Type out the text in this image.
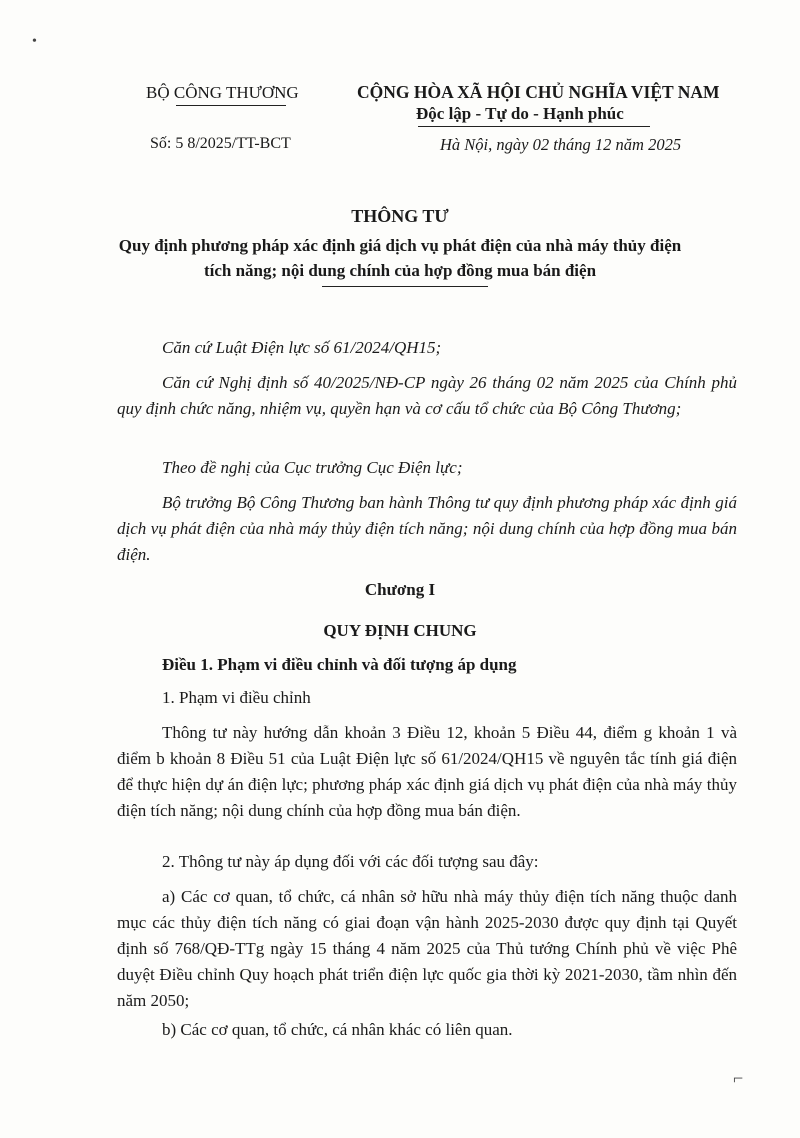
BỘ CÔNG THƯƠNG	CỘNG HÒA XÃ HỘI CHỦ NGHĨA VIỆT NAM
Độc lập - Tự do - Hạnh phúc
Số: 5 8/2025/TT-BCT	Hà Nội, ngày 02 tháng 12 năm 2025
THÔNG TƯ
Quy định phương pháp xác định giá dịch vụ phát điện của nhà máy thủy điện
tích năng; nội dung chính của hợp đồng mua bán điện
Căn cứ Luật Điện lực số 61/2024/QH15;
Căn cứ Nghị định số 40/2025/NĐ-CP ngày 26 tháng 02 năm 2025 của Chính phủ quy định chức năng, nhiệm vụ, quyền hạn và cơ cấu tổ chức của Bộ Công Thương;
Theo đề nghị của Cục trưởng Cục Điện lực;
Bộ trưởng Bộ Công Thương ban hành Thông tư quy định phương pháp xác định giá dịch vụ phát điện của nhà máy thủy điện tích năng; nội dung chính của hợp đồng mua bán điện.
Chương I
QUY ĐỊNH CHUNG
Điều 1. Phạm vi điều chỉnh và đối tượng áp dụng
1. Phạm vi điều chỉnh
Thông tư này hướng dẫn khoản 3 Điều 12, khoản 5 Điều 44, điểm g khoản 1 và điểm b khoản 8 Điều 51 của Luật Điện lực số 61/2024/QH15 về nguyên tắc tính giá điện để thực hiện dự án điện lực; phương pháp xác định giá dịch vụ phát điện của nhà máy thủy điện tích năng; nội dung chính của hợp đồng mua bán điện.
2. Thông tư này áp dụng đối với các đối tượng sau đây:
a) Các cơ quan, tổ chức, cá nhân sở hữu nhà máy thủy điện tích năng thuộc danh mục các thủy điện tích năng có giai đoạn vận hành 2025-2030 được quy định tại Quyết định số 768/QĐ-TTg ngày 15 tháng 4 năm 2025 của Thủ tướng Chính phủ về việc Phê duyệt Điều chỉnh Quy hoạch phát triển điện lực quốc gia thời kỳ 2021-2030, tầm nhìn đến năm 2050;
b) Các cơ quan, tổ chức, cá nhân khác có liên quan.
•
⌐
